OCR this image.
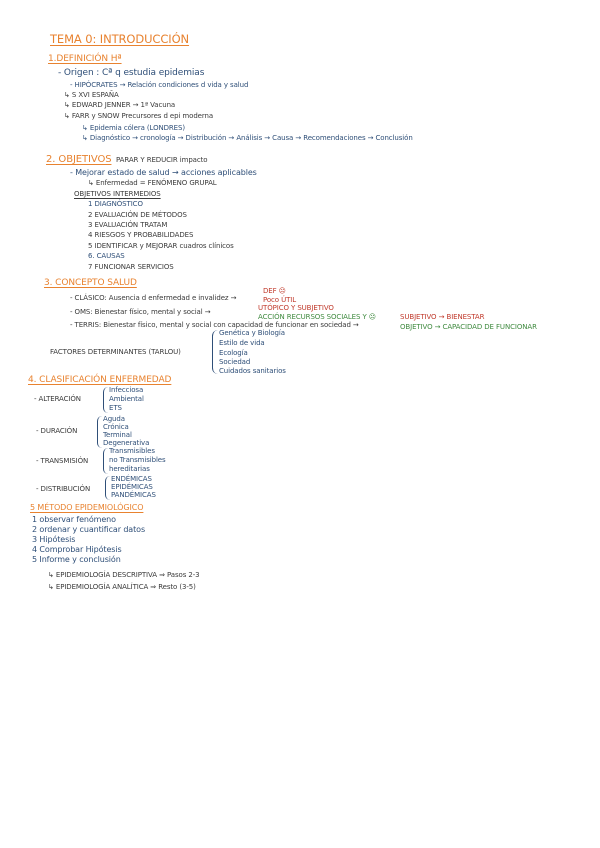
TEMA 0: INTRODUCCIÓN
1.DEFINICIÓN Hª
- Origen : Cª q estudia epidemias
- HIPÓCRATES → Relación condiciones d vida y salud
↳ S XVI ESPAÑA
↳ EDWARD JENNER → 1ª Vacuna
↳ FARR y SNOW Precursores d epi moderna
↳ Epidemia cólera (LONDRES)
↳ Diagnóstico → cronología → Distribución → Análisis → Causa → Recomendaciones → Conclusión
2. OBJETIVOS PARAR Y REDUCIR impacto
- Mejorar estado de salud → acciones aplicables
↳ Enfermedad = FENÓMENO GRUPAL
OBJETIVOS INTERMEDIOS
1 DIAGNÓSTICO
2 EVALUACIÓN DE MÉTODOS
3 EVALUACIÓN TRATAM
4 RIESGOS Y PROBABILIDADES
5 IDENTIFICAR y MEJORAR cuadros clínicos
6. CAUSAS
7 FUNCIONAR SERVICIOS
3. CONCEPTO SALUD
- CLÁSICO: Ausencia d enfermedad e invalidez →
DEF ☹
Poco ÚTIL
- OMS: Bienestar físico, mental y social →	UTÓPICO Y SUBJETIVO
ACCIÓN RECURSOS SOCIALES Y ☹
- TERRIS: Bienestar físico, mental y social con capacidad de funcionar en sociedad →
SUBJETIVO → BIENESTAR
OBJETIVO → CAPACIDAD DE FUNCIONAR
FACTORES DETERMINANTES (TARLOU)
Genética y Biología
Estilo de vida
Ecología
Sociedad
Cuidados sanitarios
4. CLASIFICACIÓN ENFERMEDAD
- ALTERACIÓN
Infecciosa
Ambiental
ETS
- DURACIÓN
Aguda
Crónica
Terminal
Degenerativa
- TRANSMISIÓN
Transmisibles
no Transmisibles
hereditarias
- DISTRIBUCIÓN
ENDÉMICAS
EPIDÉMICAS
PANDÉMICAS
5 MÉTODO EPIDEMIOLÓGICO
1 observar fenómeno
2 ordenar y cuantificar datos
3 Hipótesis
4 Comprobar Hipótesis
5 Informe y conclusión
↳ EPIDEMIOLOGÍA DESCRIPTIVA ⇒ Pasos 2-3
↳ EPIDEMIOLOGÍA ANALÍTICA ⇒ Resto (3-5)
